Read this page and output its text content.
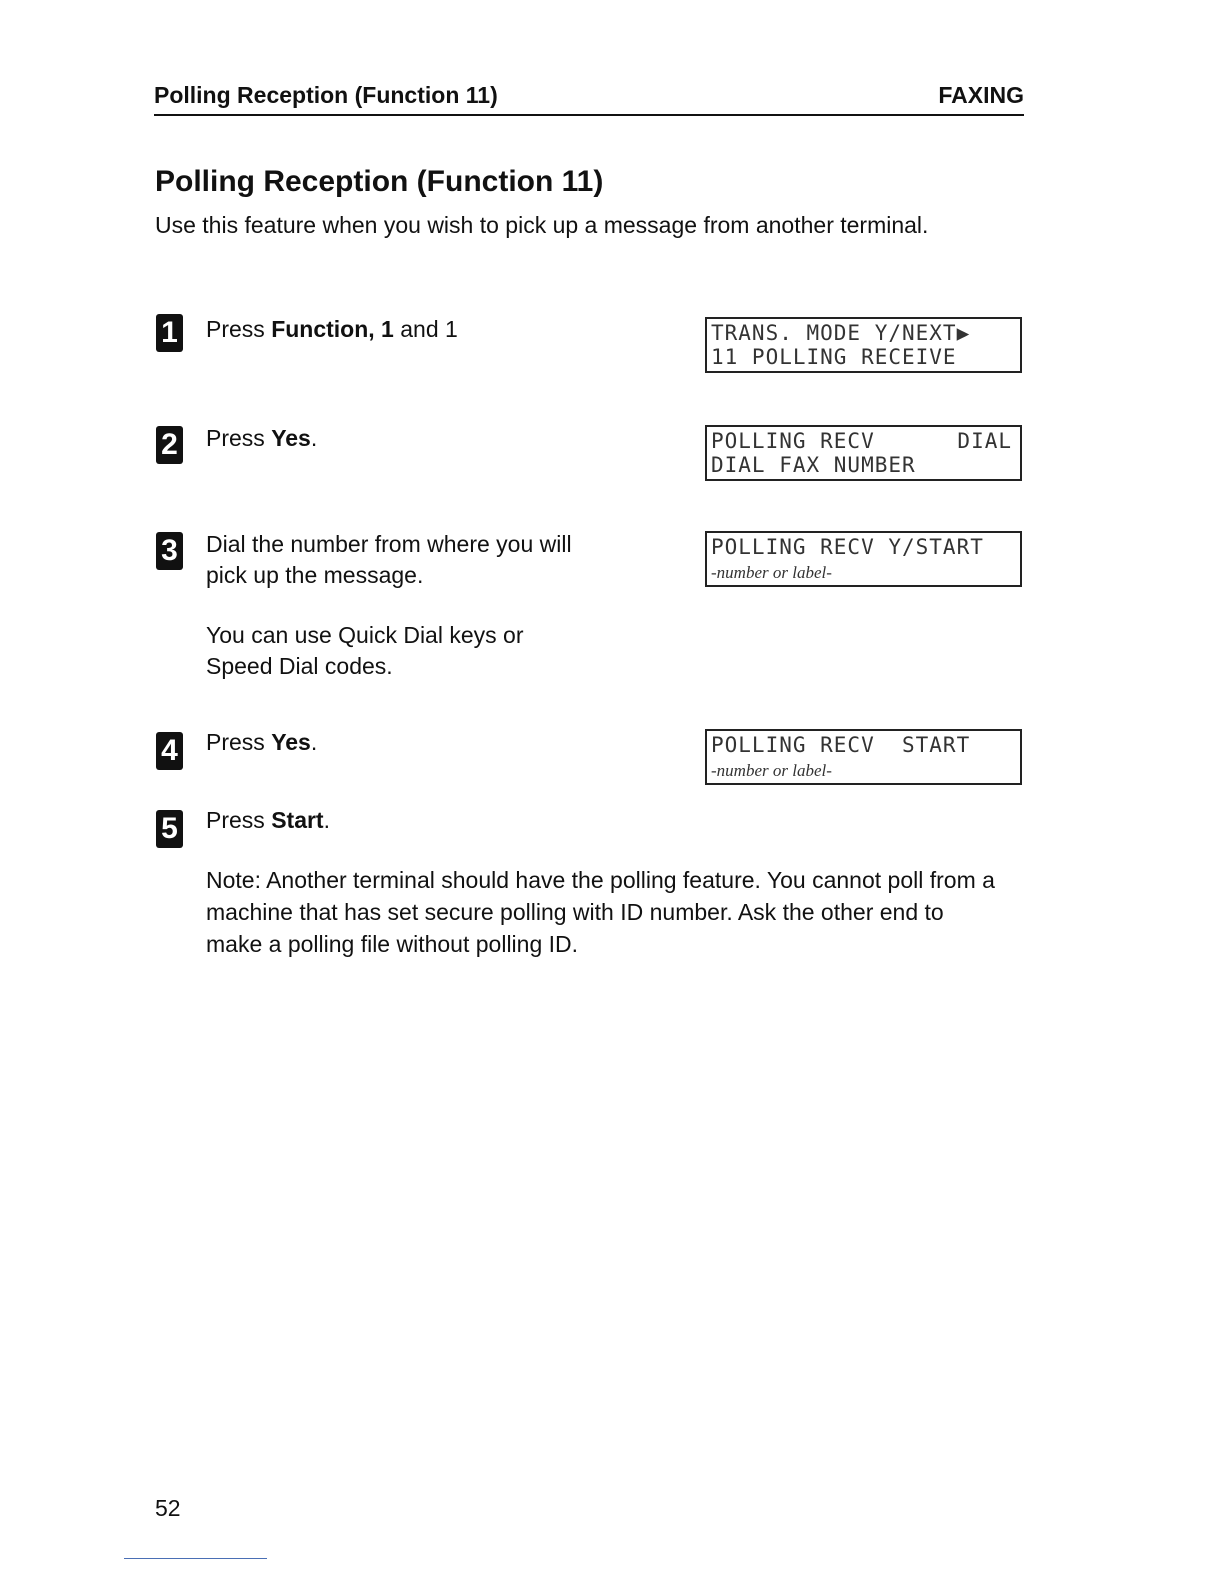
Polling Reception (Function 11)	FAXING
Polling Reception (Function 11)
Use this feature when you wish to pick up a message from another terminal.
1 Press Function, 1 and 1	TRANS. MODE Y/NEXT▶
11 POLLING RECEIVE
2 Press Yes.	POLLING RECV	DIAL
DIAL FAX NUMBER
3 Dial the number from where you will pick up the message.
You can use Quick Dial keys or Speed Dial codes.
POLLING RECV Y/START
-number or label-
4 Press Yes.	POLLING RECV  START
-number or label-
5 Press Start.
Note: Another terminal should have the polling feature. You cannot poll from a machine that has set secure polling with ID number. Ask the other end to make a polling file without polling ID.
52
